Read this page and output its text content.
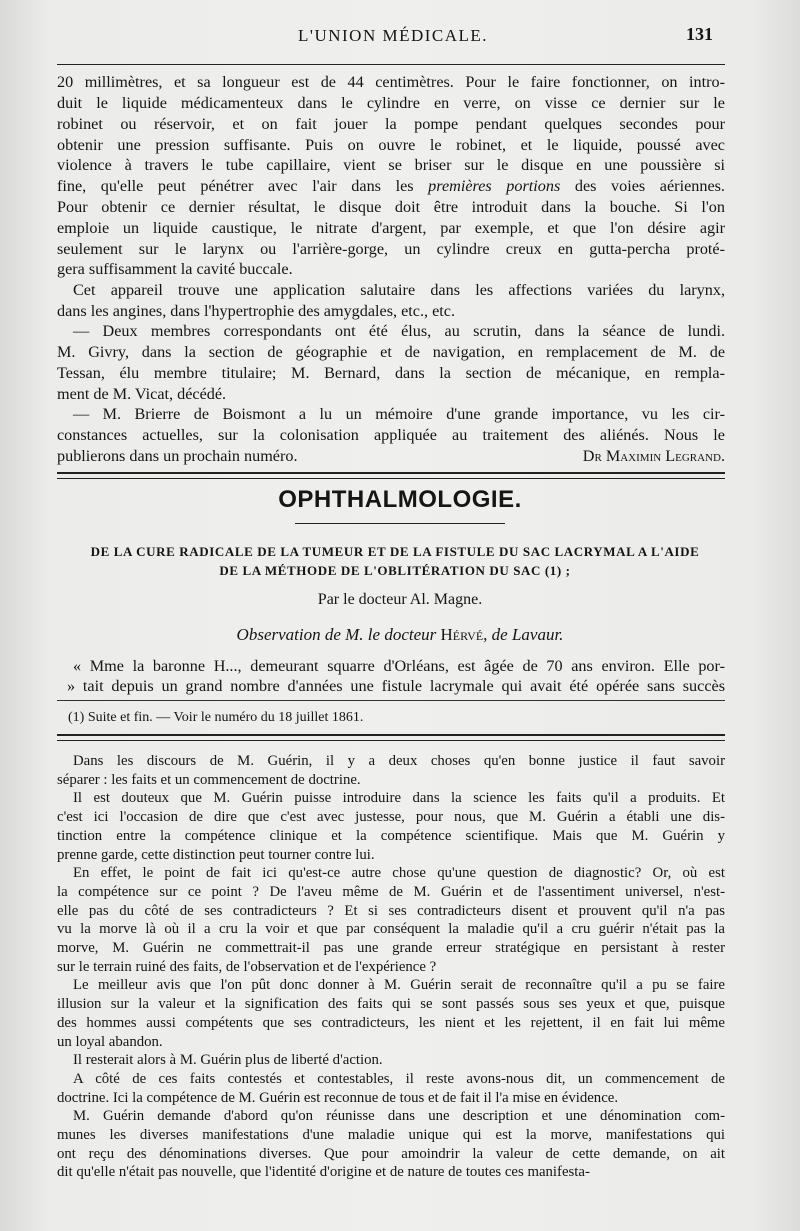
L'UNION MÉDICALE.	131

20 millimètres, et sa longueur est de 44 centimètres. Pour le faire fonctionner, on intro-

duit le liquide médicamenteux dans le cylindre en verre, on visse ce dernier sur le

robinet ou réservoir, et on fait jouer la pompe pendant quelques secondes pour

obtenir une pression suffisante. Puis on ouvre le robinet, et le liquide, poussé avec

violence à travers le tube capillaire, vient se briser sur le disque en une poussière si

fine, qu'elle peut pénétrer avec l'air dans les premières portions des voies aériennes.

Pour obtenir ce dernier résultat, le disque doit être introduit dans la bouche. Si l'on

emploie un liquide caustique, le nitrate d'argent, par exemple, et que l'on désire agir

seulement sur le larynx ou l'arrière-gorge, un cylindre creux en gutta-percha proté-

gera suffisamment la cavité buccale.

Cet appareil trouve une application salutaire dans les affections variées du larynx,

dans les angines, dans l'hypertrophie des amygdales, etc., etc.

— Deux membres correspondants ont été élus, au scrutin, dans la séance de lundi.

M. Givry, dans la section de géographie et de navigation, en remplacement de M. de

Tessan, élu membre titulaire; M. Bernard, dans la section de mécanique, en rempla-

ment de M. Vicat, décédé.

— M. Brierre de Boismont a lu un mémoire d'une grande importance, vu les cir-

constances actuelles, sur la colonisation appliquée au traitement des aliénés. Nous le

publierons dans un prochain numéro.	Dr Maximin Legrand.

OPHTHALMOLOGIE.
DE LA CURE RADICALE DE LA TUMEUR ET DE LA FISTULE DU SAC LACRYMAL A L'AIDE
DE LA MÉTHODE DE L'OBLITÉRATION DU SAC (1) ;
Par le docteur Al. Magne.
Observation de M. le docteur Hérvé, de Lavaur.

« Mme la baronne H..., demeurant squarre d'Orléans, est âgée de 70 ans environ. Elle por-

» tait depuis un grand nombre d'années une fistule lacrymale qui avait été opérée sans succès

(1) Suite et fin. — Voir le numéro du 18 juillet 1861.

Dans les discours de M. Guérin, il y a deux choses qu'en bonne justice il faut savoir

séparer : les faits et un commencement de doctrine.

Il est douteux que M. Guérin puisse introduire dans la science les faits qu'il a produits. Et

c'est ici l'occasion de dire que c'est avec justesse, pour nous, que M. Guérin a établi une dis-

tinction entre la compétence clinique et la compétence scientifique. Mais que M. Guérin y

prenne garde, cette distinction peut tourner contre lui.

En effet, le point de fait ici qu'est-ce autre chose qu'une question de diagnostic? Or, où est

la compétence sur ce point ? De l'aveu même de M. Guérin et de l'assentiment universel, n'est-

elle pas du côté de ses contradicteurs ? Et si ses contradicteurs disent et prouvent qu'il n'a pas

vu la morve là où il a cru la voir et que par conséquent la maladie qu'il a cru guérir n'était pas la

morve, M. Guérin ne commettrait-il pas une grande erreur stratégique en persistant à rester

sur le terrain ruiné des faits, de l'observation et de l'expérience ?

Le meilleur avis que l'on pût donc donner à M. Guérin serait de reconnaître qu'il a pu se faire

illusion sur la valeur et la signification des faits qui se sont passés sous ses yeux et que, puisque

des hommes aussi compétents que ses contradicteurs, les nient et les rejettent, il en fait lui même

un loyal abandon.

Il resterait alors à M. Guérin plus de liberté d'action.

A côté de ces faits contestés et contestables, il reste avons-nous dit, un commencement de

doctrine. Ici la compétence de M. Guérin est reconnue de tous et de fait il l'a mise en évidence.

M. Guérin demande d'abord qu'on réunisse dans une description et une dénomination com-

munes les diverses manifestations d'une maladie unique qui est la morve, manifestations qui

ont reçu des dénominations diverses. Que pour amoindrir la valeur de cette demande, on ait

dit qu'elle n'était pas nouvelle, que l'identité d'origine et de nature de toutes ces manifesta-
